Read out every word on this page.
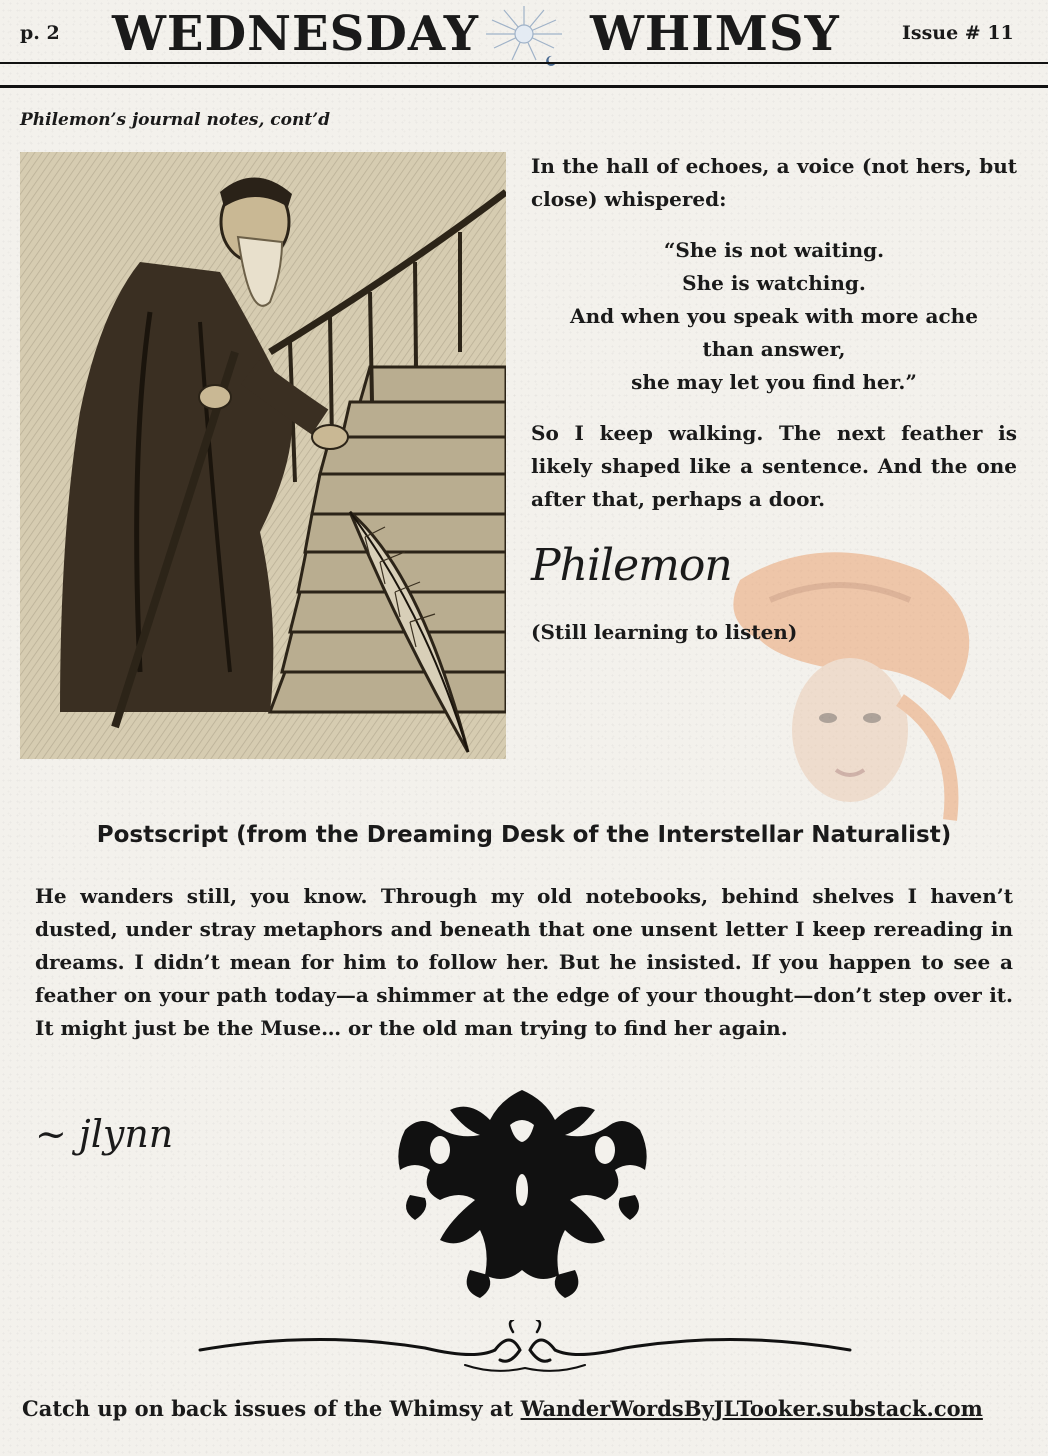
p. 2 WEDNESDAY WHIMSY	Issue # 11
Philemon’s journal notes, cont’d
In the hall of echoes, a voice (not hers, but close) whispered:
“She is not waiting.
She is watching.
And when you speak with more ache
than answer,
she may let you find her.”
So I keep walking. The next feather is likely shaped like a sentence. And the one after that, perhaps a door.
Philemon
(Still learning to listen)
Postscript (from the Dreaming Desk of the Interstellar Naturalist)
He wanders still, you know. Through my old notebooks, behind shelves I haven’t dusted, under stray metaphors and beneath that one unsent letter I keep rereading in dreams. I didn’t mean for him to follow her. But he insisted. If you happen to see a feather on your path today—a shimmer at the edge of your thought—don’t step over it. It might just be the Muse… or the old man trying to find her again.
~ jlynn
Catch up on back issues of the Whimsy at WanderWordsByJLTooker.substack.com
